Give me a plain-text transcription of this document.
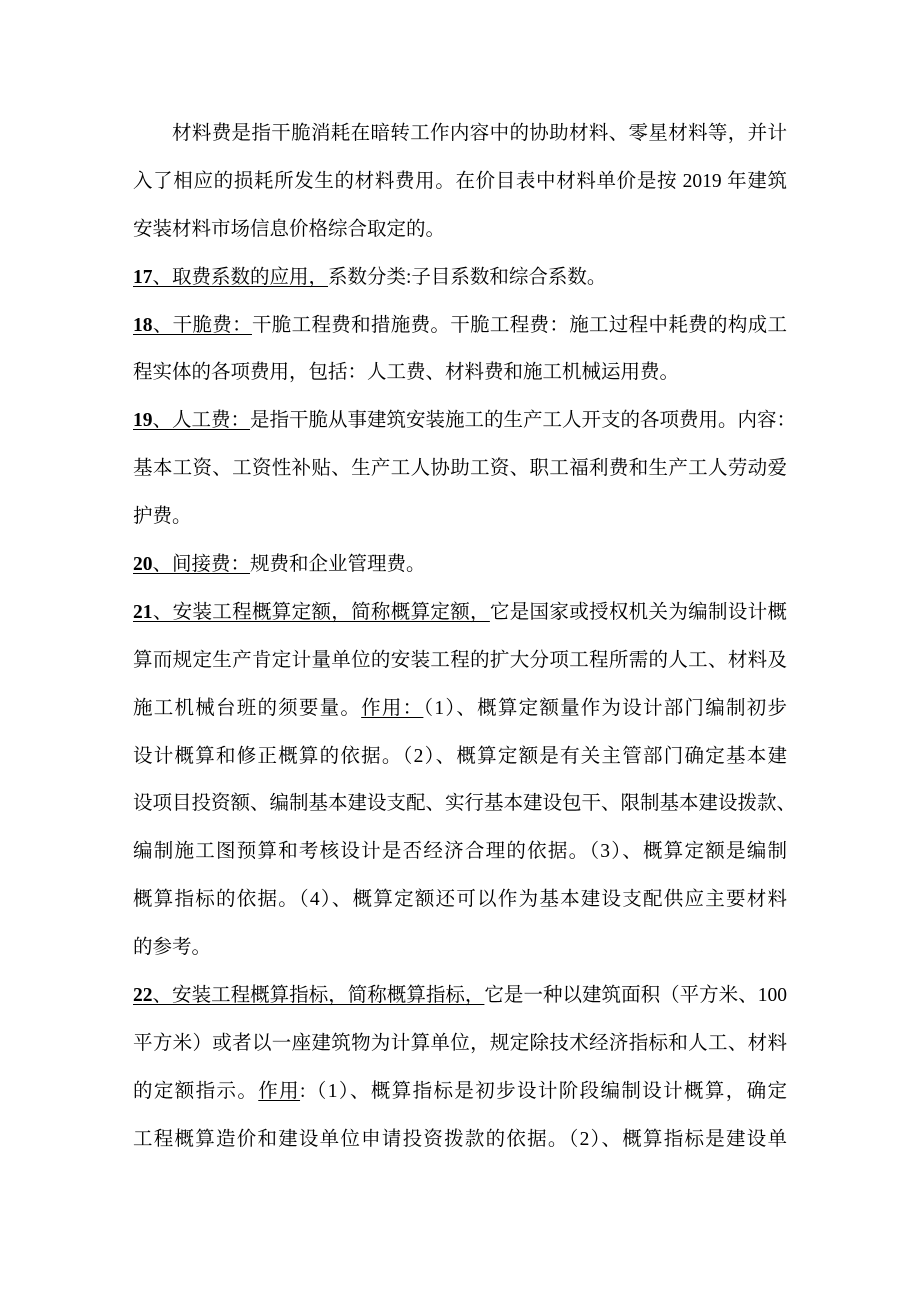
材料费是指干脆消耗在暗转工作内容中的协助材料、零星材料等，并计
入了相应的损耗所发生的材料费用。在价目表中材料单价是按 2019 年建筑
安装材料市场信息价格综合取定的。
17、取费系数的应用，系数分类:子目系数和综合系数。
18、干脆费：干脆工程费和措施费。干脆工程费：施工过程中耗费的构成工
程实体的各项费用，包括：人工费、材料费和施工机械运用费。
19、人工费：是指干脆从事建筑安装施工的生产工人开支的各项费用。内容：
基本工资、工资性补贴、生产工人协助工资、职工福利费和生产工人劳动爱
护费。
20、间接费：规费和企业管理费。
21、安装工程概算定额，简称概算定额，它是国家或授权机关为编制设计概
算而规定生产肯定计量单位的安装工程的扩大分项工程所需的人工、材料及
施工机械台班的须要量。作用：（1）、概算定额量作为设计部门编制初步
设计概算和修正概算的依据。（2）、概算定额是有关主管部门确定基本建
设项目投资额、编制基本建设支配、实行基本建设包干、限制基本建设拨款、
编制施工图预算和考核设计是否经济合理的依据。（3）、概算定额是编制
概算指标的依据。（4）、概算定额还可以作为基本建设支配供应主要材料
的参考。
22、安装工程概算指标，简称概算指标，它是一种以建筑面积（平方米、100
平方米）或者以一座建筑物为计算单位，规定除技术经济指标和人工、材料
的定额指示。作用:（1）、概算指标是初步设计阶段编制设计概算，确定
工程概算造价和建设单位申请投资拨款的依据。（2）、概算指标是建设单
